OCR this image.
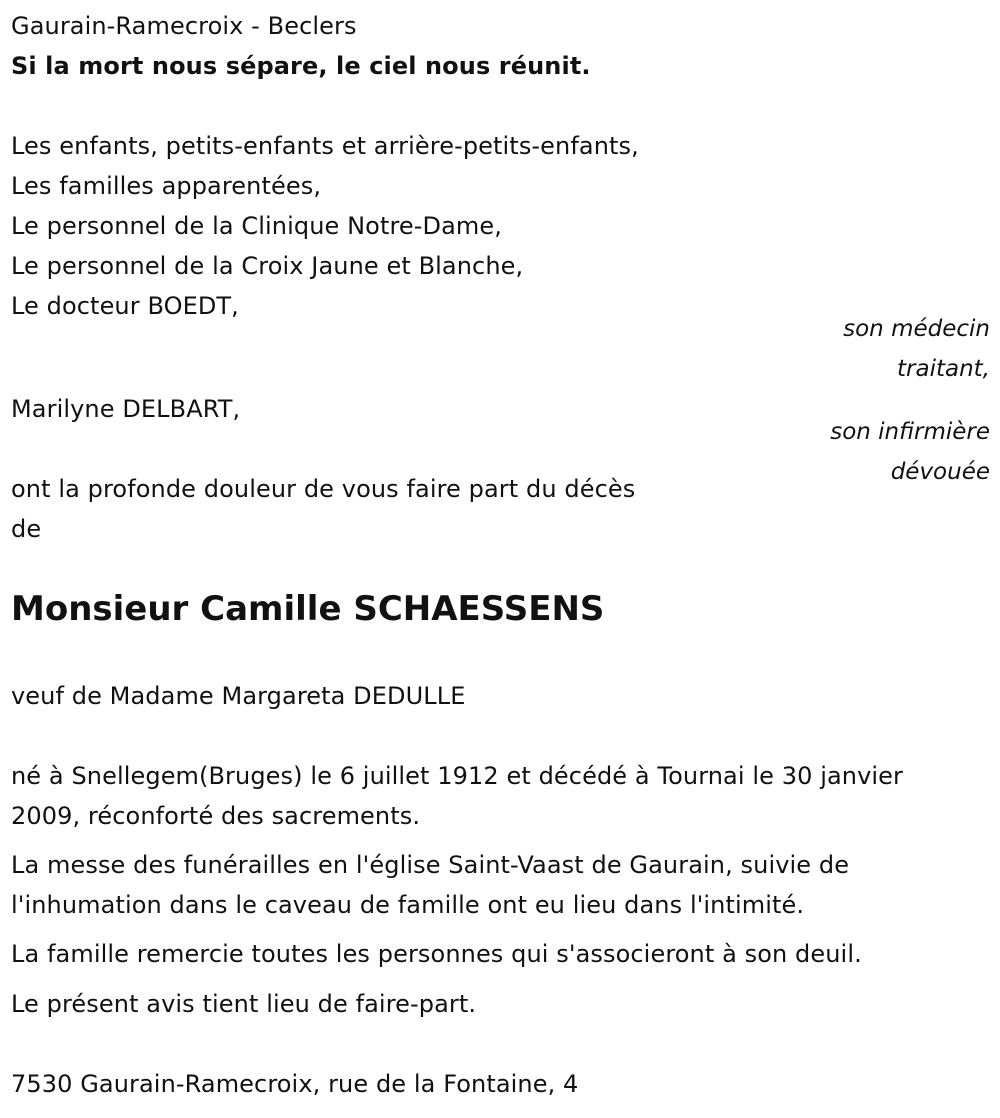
Gaurain-Ramecroix - Beclers
Si la mort nous sépare, le ciel nous réunit.
Les enfants, petits-enfants et arrière-petits-enfants,
Les familles apparentées,
Le personnel de la Clinique Notre-Dame,
Le personnel de la Croix Jaune et Blanche,
Le docteur BOEDT,
son médecin
traitant,
Marilyne DELBART,
son infirmière
dévouée
ont la profonde douleur de vous faire part du décès
de
Monsieur Camille SCHAESSENS
veuf de Madame Margareta DEDULLE
né à Snellegem(Bruges) le 6 juillet 1912 et décédé à Tournai le 30 janvier
2009, réconforté des sacrements.
La messe des funérailles en l'église Saint-Vaast de Gaurain, suivie de
l'inhumation dans le caveau de famille ont eu lieu dans l'intimité.
La famille remercie toutes les personnes qui s'associeront à son deuil.
Le présent avis tient lieu de faire-part.
7530 Gaurain-Ramecroix, rue de la Fontaine, 4
